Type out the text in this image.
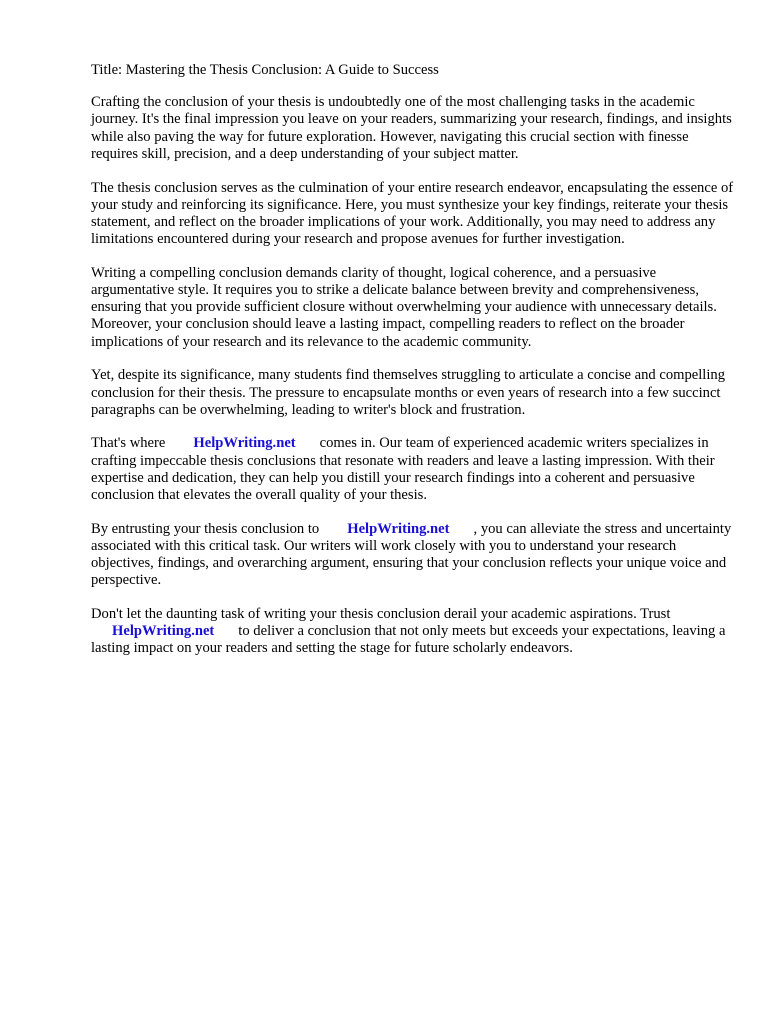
Title: Mastering the Thesis Conclusion: A Guide to Success

Crafting the conclusion of your thesis is undoubtedly one of the most challenging tasks in the academic journey. It's the final impression you leave on your readers, summarizing your research, findings, and insights while also paving the way for future exploration. However, navigating this crucial section with finesse requires skill, precision, and a deep understanding of your subject matter.

The thesis conclusion serves as the culmination of your entire research endeavor, encapsulating the essence of your study and reinforcing its significance. Here, you must synthesize your key findings, reiterate your thesis statement, and reflect on the broader implications of your work. Additionally, you may need to address any limitations encountered during your research and propose avenues for further investigation.

Writing a compelling conclusion demands clarity of thought, logical coherence, and a persuasive argumentative style. It requires you to strike a delicate balance between brevity and comprehensiveness, ensuring that you provide sufficient closure without overwhelming your audience with unnecessary details. Moreover, your conclusion should leave a lasting impact, compelling readers to reflect on the broader implications of your research and its relevance to the academic community.

Yet, despite its significance, many students find themselves struggling to articulate a concise and compelling conclusion for their thesis. The pressure to encapsulate months or even years of research into a few succinct paragraphs can be overwhelming, leading to writer's block and frustration.

That's where HelpWriting.net comes in. Our team of experienced academic writers specializes in crafting impeccable thesis conclusions that resonate with readers and leave a lasting impression. With their expertise and dedication, they can help you distill your research findings into a coherent and persuasive conclusion that elevates the overall quality of your thesis.

By entrusting your thesis conclusion to HelpWriting.net , you can alleviate the stress and uncertainty associated with this critical task. Our writers will work closely with you to understand your research objectives, findings, and overarching argument, ensuring that your conclusion reflects your unique voice and perspective.

Don't let the daunting task of writing your thesis conclusion derail your academic aspirations. Trust
HelpWriting.net to deliver a conclusion that not only meets but exceeds your expectations, leaving a lasting impact on your readers and setting the stage for future scholarly endeavors.
